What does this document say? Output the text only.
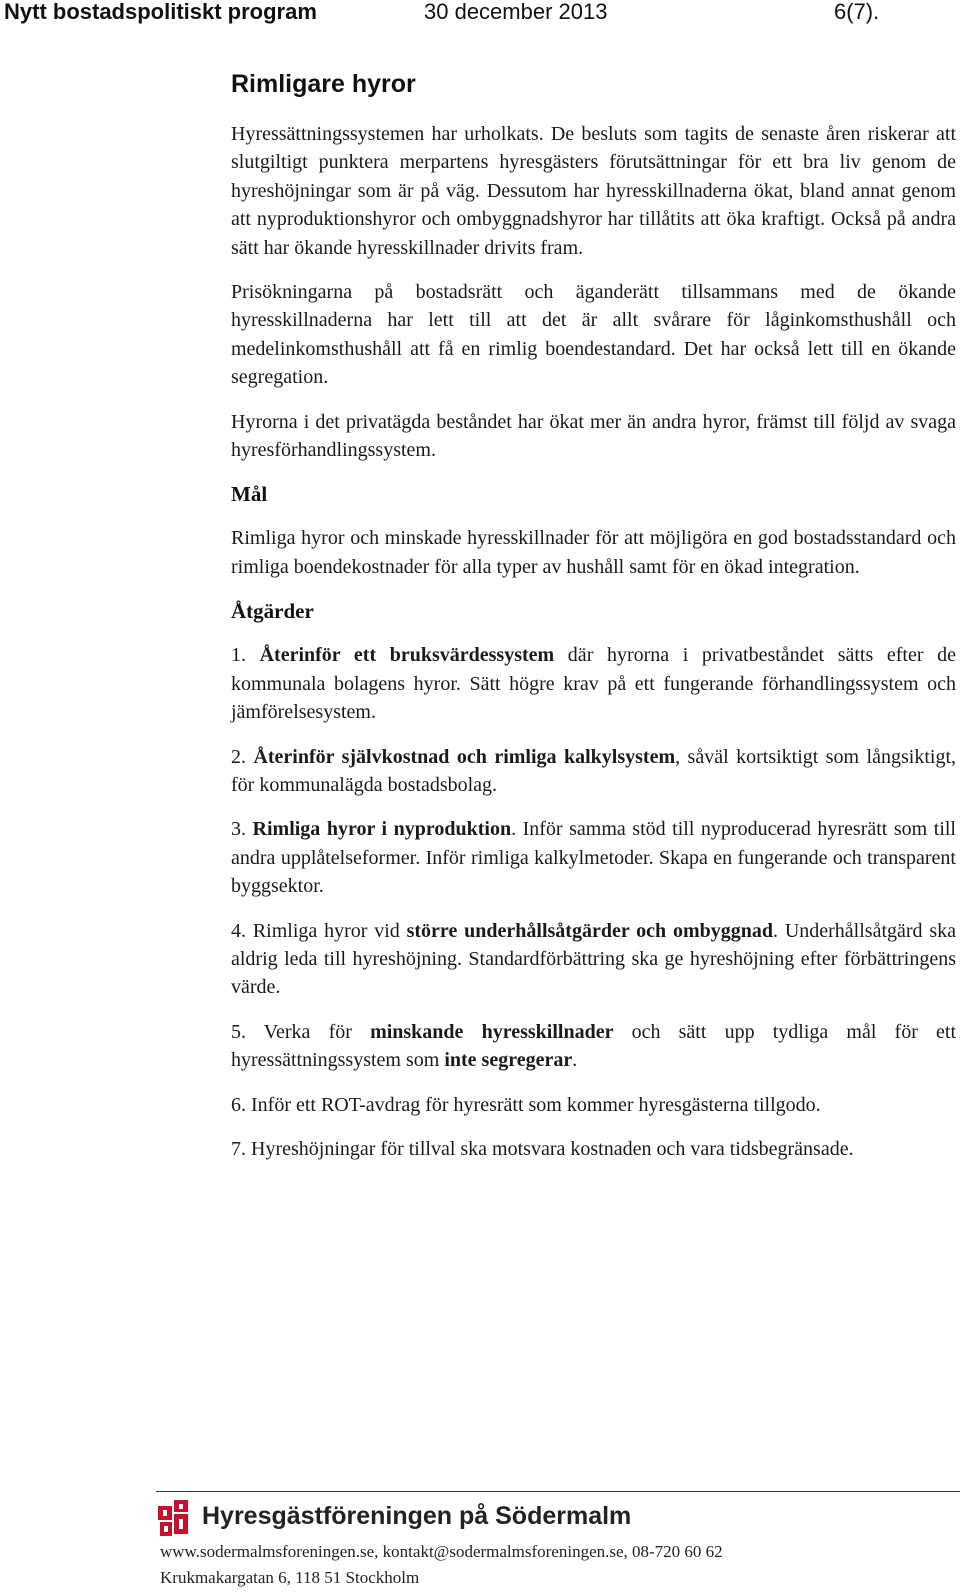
Nytt bostadspolitiskt program	30 december 2013	6(7).
Rimligare hyror

Hyressättningssystemen har urholkats. De besluts som tagits de senaste åren riskerar att slutgiltigt punktera merpartens hyresgästers förutsättningar för ett bra liv genom de hyreshöjningar som är på väg. Dessutom har hyresskillnaderna ökat, bland annat genom att nyproduktionshyror och ombyggnadshyror har tillåtits att öka kraftigt. Också på andra sätt har ökande hyresskillnader drivits fram.

Prisökningarna på bostadsrätt och äganderätt tillsammans med de ökande hyresskillnaderna har lett till att det är allt svårare för låginkomsthushåll och medelinkomsthushåll att få en rimlig boendestandard. Det har också lett till en ökande segregation.

Hyrorna i det privatägda beståndet har ökat mer än andra hyror, främst till följd av svaga hyresförhandlingssystem.

Mål

Rimliga hyror och minskade hyresskillnader för att möjligöra en god bostadsstandard och rimliga boendekostnader för alla typer av hushåll samt för en ökad integration.

Åtgärder
1. Återinför ett bruksvärdessystem där hyrorna i privatbeståndet sätts efter de kommunala bolagens hyror. Sätt högre krav på ett fungerande förhandlingssystem och jämförelsesystem.
2. Återinför självkostnad och rimliga kalkylsystem, såväl kortsiktigt som långsiktigt, för kommunalägda bostadsbolag.
3. Rimliga hyror i nyproduktion. Inför samma stöd till nyproducerad hyresrätt som till andra upplåtelseformer. Inför rimliga kalkylmetoder. Skapa en fungerande och transparent byggsektor.
4. Rimliga hyror vid större underhållsåtgärder och ombyggnad. Underhållsåtgärd ska aldrig leda till hyreshöjning. Standardförbättring ska ge hyreshöjning efter förbättringens värde.
5. Verka för minskande hyresskillnader och sätt upp tydliga mål för ett hyressättningssystem som inte segregerar.
6. Inför ett ROT-avdrag för hyresrätt som kommer hyresgästerna tillgodo.
7. Hyreshöjningar för tillval ska motsvara kostnaden och vara tidsbegränsade.
Hyresgästföreningen på Södermalm
www.sodermalmsforeningen.se, kontakt@sodermalmsforeningen.se, 08-720 60 62
Krukmakargatan 6, 118 51 Stockholm
